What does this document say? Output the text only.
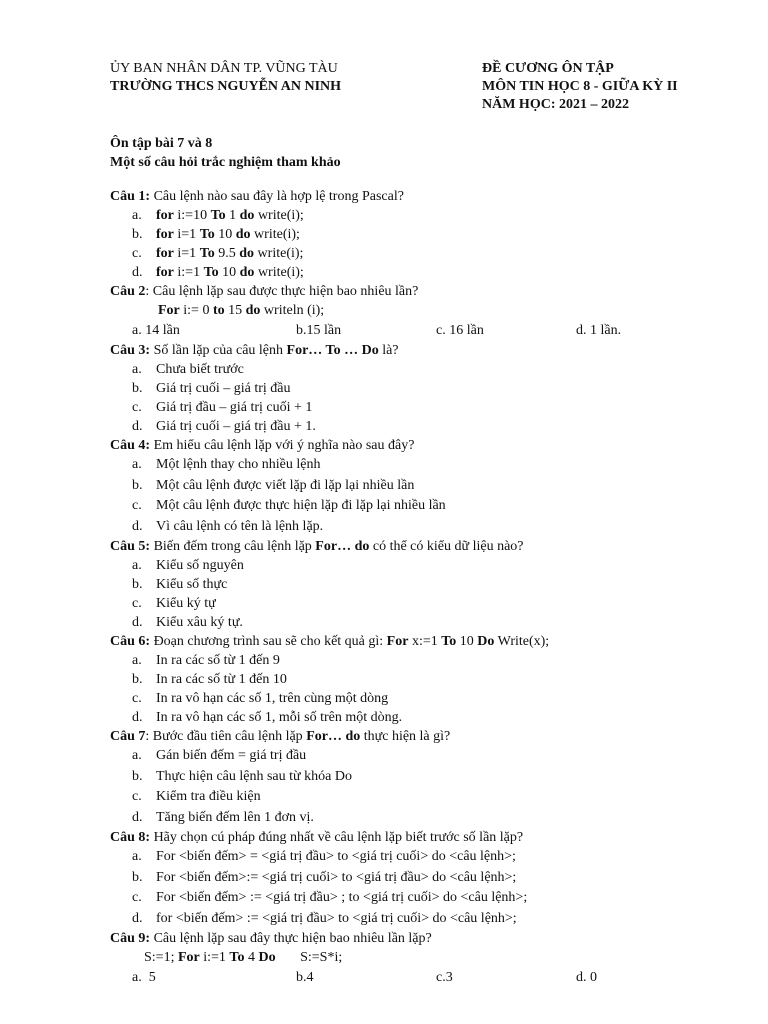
ỦY BAN NHÂN DÂN TP. VŨNG TÀU
TRƯỜNG THCS NGUYỄN AN NINH
ĐỀ CƯƠNG ÔN TẬP
MÔN TIN HỌC 8 - GIỮA KỲ II
NĂM HỌC: 2021 – 2022
Ôn tập bài 7 và 8
Một số câu hỏi trắc nghiệm tham khảo
Câu 1: Câu lệnh nào sau đây là hợp lệ trong Pascal?
a. for i:=10 To 1 do write(i);
b. for i=1 To 10 do write(i);
c. for i=1 To 9.5 do write(i);
d. for i:=1 To 10 do write(i);
Câu 2: Câu lệnh lặp sau được thực hiện bao nhiêu lần?
For i:= 0 to 15 do writeln (i);
a. 14 lần	b.15 lần	c. 16 lần	d. 1 lần.
Câu 3: Số lần lặp của câu lệnh For… To … Do là?
a. Chưa biết trước
b. Giá trị cuối – giá trị đầu
c. Giá trị đầu – giá trị cuối + 1
d. Giá trị cuối – giá trị đầu + 1.
Câu 4: Em hiểu câu lệnh lặp với ý nghĩa nào sau đây?
a. Một lệnh thay cho nhiều lệnh
b. Một câu lệnh được viết lặp đi lặp lại nhiều lần
c. Một câu lệnh được thực hiện lặp đi lặp lại nhiều lần
d. Vì câu lệnh có tên là lệnh lặp.
Câu 5: Biến đếm trong câu lệnh lặp For… do có thể có kiểu dữ liệu nào?
a. Kiểu số nguyên
b. Kiểu số thực
c. Kiểu ký tự
d. Kiểu xâu ký tự.
Câu 6: Đoạn chương trình sau sẽ cho kết quả gì: For x:=1 To 10 Do Write(x);
a. In ra các số từ 1 đến 9
b. In ra các số từ 1 đến 10
c. In ra vô hạn các số 1, trên cùng một dòng
d. In ra vô hạn các số 1, mỗi số trên một dòng.
Câu 7: Bước đầu tiên câu lệnh lặp For… do thực hiện là gì?
a. Gán biến đếm = giá trị đầu
b. Thực hiện câu lệnh sau từ khóa Do
c. Kiểm tra điều kiện
d. Tăng biến đếm lên 1 đơn vị.
Câu 8: Hãy chọn cú pháp đúng nhất về câu lệnh lặp biết trước số lần lặp?
a. For <biến đếm> = <giá trị đầu> to <giá trị cuối> do <câu lệnh>;
b. For <biến đếm>:= <giá trị cuối> to <giá trị đầu> do <câu lệnh>;
c. For <biến đếm> := <giá trị đầu> ; to <giá trị cuối> do <câu lệnh>;
d. for <biến đếm> := <giá trị đầu> to <giá trị cuối> do <câu lệnh>;
Câu 9: Câu lệnh lặp sau đây thực hiện bao nhiêu lần lặp?
S:=1; For i:=1 To 4 Do       S:=S*i;
a.  5	b.4	c.3	d. 0
